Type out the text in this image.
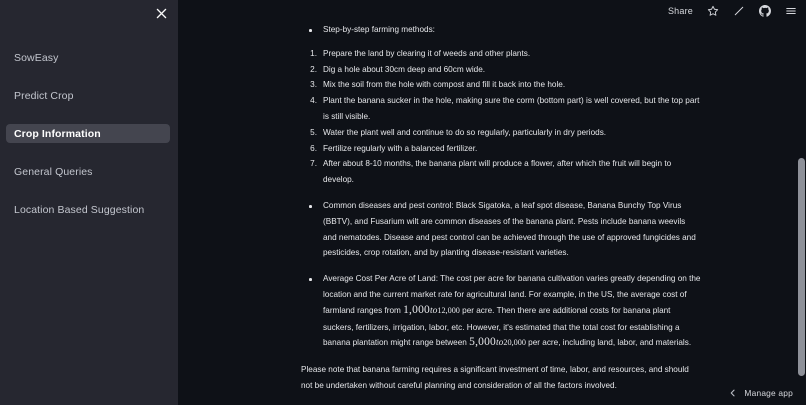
SowEasy
Predict Crop
Crop Information
General Queries
Location Based Suggestion
Share
Step-by-step farming methods:
Prepare the land by clearing it of weeds and other plants.
Dig a hole about 30cm deep and 60cm wide.
Mix the soil from the hole with compost and fill it back into the hole.
Plant the banana sucker in the hole, making sure the corm (bottom part) is well covered, but the top part is still visible.
Water the plant well and continue to do so regularly, particularly in dry periods.
Fertilize regularly with a balanced fertilizer.
After about 8-10 months, the banana plant will produce a flower, after which the fruit will begin to develop.
Common diseases and pest control: Black Sigatoka, a leaf spot disease, Banana Bunchy Top Virus (BBTV), and Fusarium wilt are common diseases of the banana plant. Pests include banana weevils and nematodes. Disease and pest control can be achieved through the use of approved fungicides and pesticides, crop rotation, and by planting disease-resistant varieties.
Average Cost Per Acre of Land: The cost per acre for banana cultivation varies greatly depending on the location and the current market rate for agricultural land. For example, in the US, the average cost of farmland ranges from 1,000to12,000 per acre. Then there are additional costs for banana plant suckers, fertilizers, irrigation, labor, etc. However, it's estimated that the total cost for establishing a banana plantation might range between 5,000to20,000 per acre, including land, labor, and materials.

Please note that banana farming requires a significant investment of time, labor, and resources, and should not be undertaken without careful planning and consideration of all the factors involved.

Manage app
